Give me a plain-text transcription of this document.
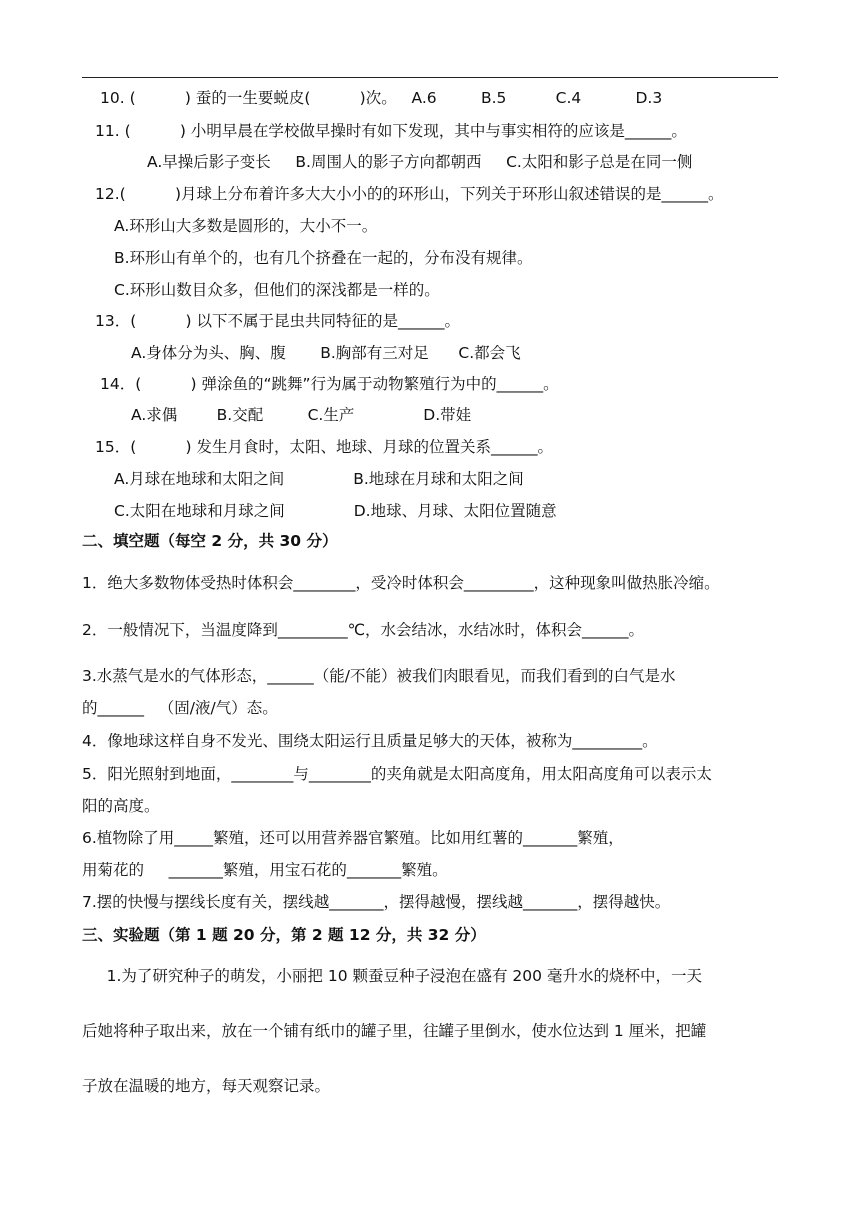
10. (          ) 蚕的一生要蜕皮(          )次。   A.6         B.5          C.4           D.3
11. (          ) 小明早晨在学校做早操时有如下发现，其中与事实相符的应该是______。
A.早操后影子变长     B.周围人的影子方向都朝西     C.太阳和影子总是在同一侧
12.(          )月球上分布着许多大大小小的的环形山，下列关于环形山叙述错误的是______。
A.环形山大多数是圆形的，大小不一。
B.环形山有单个的，也有几个挤叠在一起的，分布没有规律。
C.环形山数目众多，但他们的深浅都是一样的。
13．(          ) 以下不属于昆虫共同特征的是______。
A.身体分为头、胸、腹       B.胸部有三对足      C.都会飞
14．(          ) 弹涂鱼的“跳舞”行为属于动物繁殖行为中的______。
A.求偶        B.交配         C.生产              D.带娃
15．(          ) 发生月食时，太阳、地球、月球的位置关系______。
A.月球在地球和太阳之间              B.地球在月球和太阳之间
C.太阳在地球和月球之间              D.地球、月球、太阳位置随意
二、填空题（每空 2 分，共 30 分）
1．绝大多数物体受热时体积会________，受冷时体积会_________，这种现象叫做热胀冷缩。
2．一般情况下，当温度降到_________℃，水会结冰，水结冰时，体积会______。
3.水蒸气是水的气体形态，______（能/不能）被我们肉眼看见，而我们看到的白气是水
的______   （固/液/气）态。
4．像地球这样自身不发光、围绕太阳运行且质量足够大的天体，被称为_________。
5．阳光照射到地面，________与________的夹角就是太阳高度角，用太阳高度角可以表示太
阳的高度。
6.植物除了用_____繁殖，还可以用营养器官繁殖。比如用红薯的_______繁殖，
用菊花的     _______繁殖，用宝石花的_______繁殖。
7.摆的快慢与摆线长度有关，摆线越_______，摆得越慢，摆线越_______，摆得越快。
三、实验题（第 1 题 20 分，第 2 题 12 分，共 32 分）
1.为了研究种子的萌发，小丽把 10 颗蚕豆种子浸泡在盛有 200 毫升水的烧杯中，一天
后她将种子取出来，放在一个铺有纸巾的罐子里，往罐子里倒水，使水位达到 1 厘米，把罐
子放在温暖的地方，每天观察记录。
